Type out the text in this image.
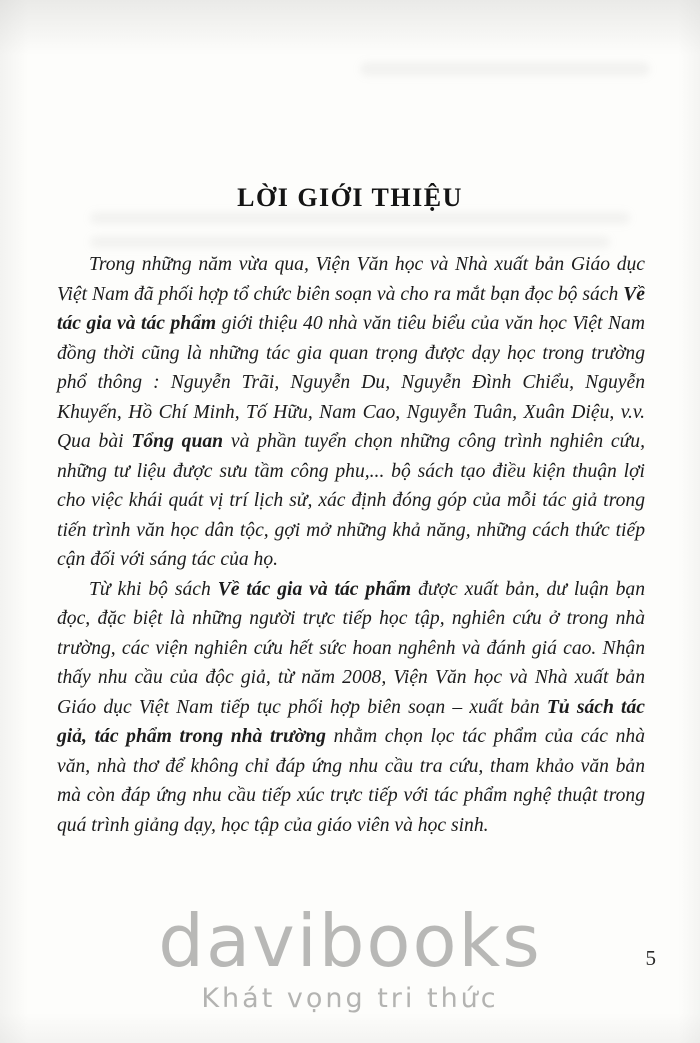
LỜI GIỚI THIỆU

Trong những năm vừa qua, Viện Văn học và Nhà xuất bản Giáo dục Việt Nam đã phối hợp tổ chức biên soạn và cho ra mắt bạn đọc bộ sách Về tác gia và tác phẩm giới thiệu 40 nhà văn tiêu biểu của văn học Việt Nam đồng thời cũng là những tác gia quan trọng được dạy học trong trường phổ thông : Nguyễn Trãi, Nguyễn Du, Nguyễn Đình Chiểu, Nguyễn Khuyến, Hồ Chí Minh, Tố Hữu, Nam Cao, Nguyễn Tuân, Xuân Diệu, v.v. Qua bài Tổng quan và phần tuyển chọn những công trình nghiên cứu, những tư liệu được sưu tầm công phu,... bộ sách tạo điều kiện thuận lợi cho việc khái quát vị trí lịch sử, xác định đóng góp của mỗi tác giả trong tiến trình văn học dân tộc, gợi mở những khả năng, những cách thức tiếp cận đối với sáng tác của họ.

Từ khi bộ sách Về tác gia và tác phẩm được xuất bản, dư luận bạn đọc, đặc biệt là những người trực tiếp học tập, nghiên cứu ở trong nhà trường, các viện nghiên cứu hết sức hoan nghênh và đánh giá cao. Nhận thấy nhu cầu của độc giả, từ năm 2008, Viện Văn học và Nhà xuất bản Giáo dục Việt Nam tiếp tục phối hợp biên soạn – xuất bản Tủ sách tác giả, tác phẩm trong nhà trường nhằm chọn lọc tác phẩm của các nhà văn, nhà thơ để không chỉ đáp ứng nhu cầu tra cứu, tham khảo văn bản mà còn đáp ứng nhu cầu tiếp xúc trực tiếp với tác phẩm nghệ thuật trong quá trình giảng dạy, học tập của giáo viên và học sinh.

davibooks
Khát vọng tri thức
5
